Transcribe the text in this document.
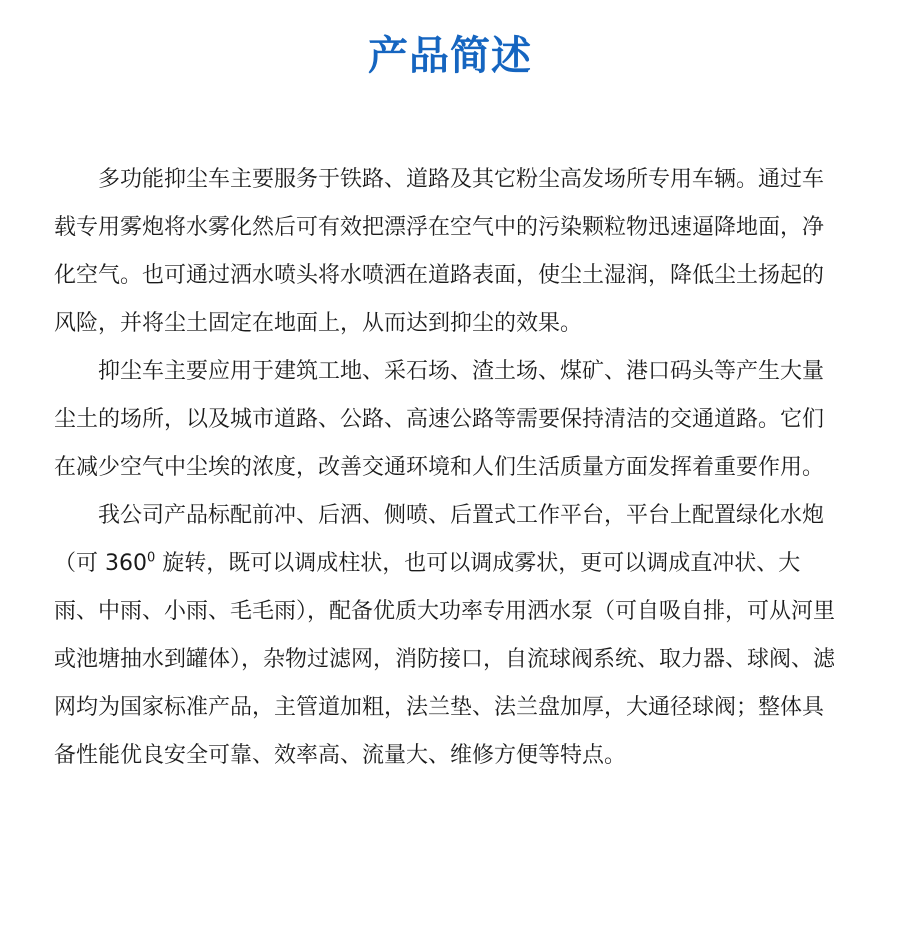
产品简述

多功能抑尘车主要服务于铁路、道路及其它粉尘高发场所专用车辆。通过车载专用雾炮将水雾化然后可有效把漂浮在空气中的污染颗粒物迅速逼降地面，净化空气。也可通过洒水喷头将水喷洒在道路表面，使尘土湿润，降低尘土扬起的风险，并将尘土固定在地面上，从而达到抑尘的效果。

抑尘车主要应用于建筑工地、采石场、渣土场、煤矿、港口码头等产生大量尘土的场所，以及城市道路、公路、高速公路等需要保持清洁的交通道路。它们在减少空气中尘埃的浓度，改善交通环境和人们生活质量方面发挥着重要作用。

我公司产品标配前冲、后洒、侧喷、后置式工作平台，平台上配置绿化水炮（可 $360^0$ 旋转，既可以调成柱状，也可以调成雾状，更可以调成直冲状、大雨、中雨、小雨、毛毛雨），配备优质大功率专用洒水泵（可自吸自排，可从河里或池塘抽水到罐体），杂物过滤网，消防接口，自流球阀系统、取力器、球阀、滤网均为国家标准产品，主管道加粗，法兰垫、法兰盘加厚，大通径球阀；整体具备性能优良安全可靠、效率高、流量大、维修方便等特点。
